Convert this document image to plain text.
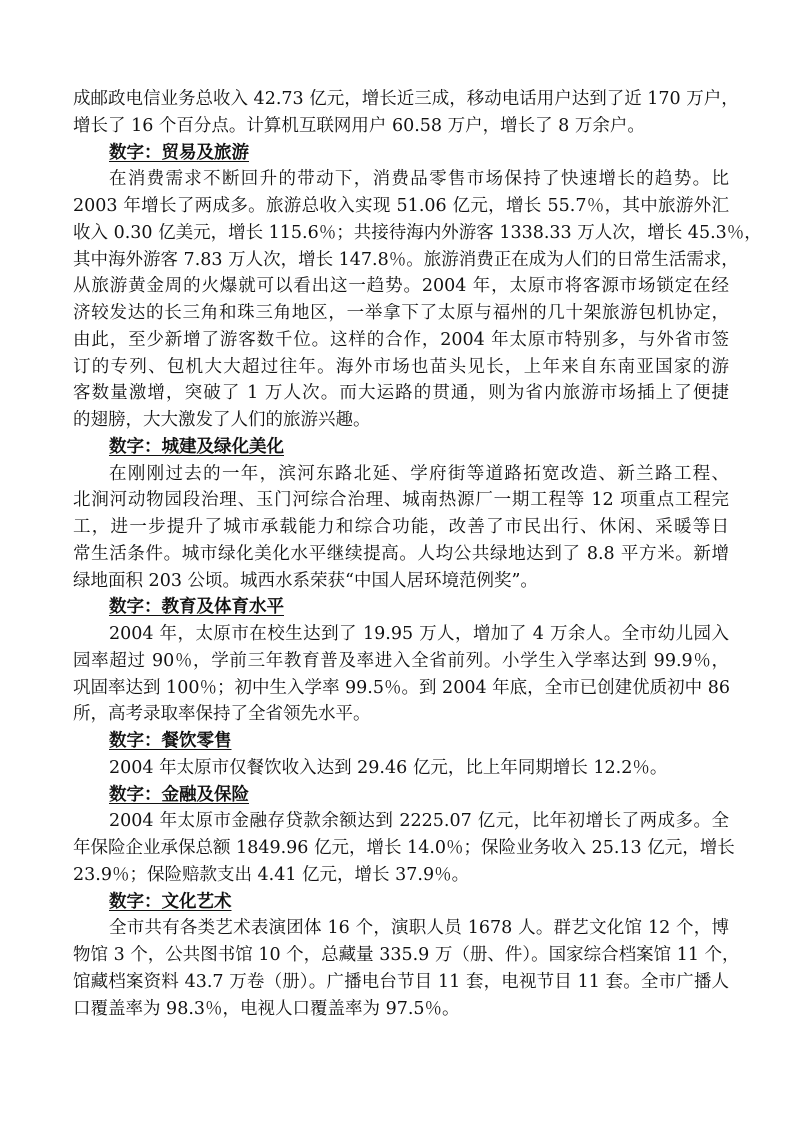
成邮政电信业务总收入 42.73 亿元，增长近三成，移动电话用户达到了近 170 万户，
增长了 16 个百分点。计算机互联网用户 60.58 万户，增长了 8 万余户。
数字：贸易及旅游
在消费需求不断回升的带动下，消费品零售市场保持了快速增长的趋势。比
2003 年增长了两成多。旅游总收入实现 51.06 亿元，增长 55.7％，其中旅游外汇
收入 0.30 亿美元，增长 115.6％；共接待海内外游客 1338.33 万人次，增长 45.3％，
其中海外游客 7.83 万人次，增长 147.8％。旅游消费正在成为人们的日常生活需求，
从旅游黄金周的火爆就可以看出这一趋势。2004 年，太原市将客源市场锁定在经
济较发达的长三角和珠三角地区，一举拿下了太原与福州的几十架旅游包机协定，
由此，至少新增了游客数千位。这样的合作，2004 年太原市特别多，与外省市签
订的专列、包机大大超过往年。海外市场也苗头见长，上年来自东南亚国家的游
客数量激增，突破了 1 万人次。而大运路的贯通，则为省内旅游市场插上了便捷
的翅膀，大大激发了人们的旅游兴趣。
数字：城建及绿化美化
在刚刚过去的一年，滨河东路北延、学府街等道路拓宽改造、新兰路工程、
北涧河动物园段治理、玉门河综合治理、城南热源厂一期工程等 12 项重点工程完
工，进一步提升了城市承载能力和综合功能，改善了市民出行、休闲、采暖等日
常生活条件。城市绿化美化水平继续提高。人均公共绿地达到了 8.8 平方米。新增
绿地面积 203 公顷。城西水系荣获“中国人居环境范例奖”。
数字：教育及体育水平
2004 年，太原市在校生达到了 19.95 万人，增加了 4 万余人。全市幼儿园入
园率超过 90％，学前三年教育普及率进入全省前列。小学生入学率达到 99.9％，
巩固率达到 100％；初中生入学率 99.5％。到 2004 年底，全市已创建优质初中 86
所，高考录取率保持了全省领先水平。
数字：餐饮零售
2004 年太原市仅餐饮收入达到 29.46 亿元，比上年同期增长 12.2％。
数字：金融及保险
2004 年太原市金融存贷款余额达到 2225.07 亿元，比年初增长了两成多。全
年保险企业承保总额 1849.96 亿元，增长 14.0％；保险业务收入 25.13 亿元，增长
23.9％；保险赔款支出 4.41 亿元，增长 37.9％。
数字：文化艺术
全市共有各类艺术表演团体 16 个，演职人员 1678 人。群艺文化馆 12 个，博
物馆 3 个，公共图书馆 10 个，总藏量 335.9 万（册、件）。国家综合档案馆 11 个，
馆藏档案资料 43.7 万卷（册）。广播电台节目 11 套，电视节目 11 套。全市广播人
口覆盖率为 98.3％，电视人口覆盖率为 97.5％。
